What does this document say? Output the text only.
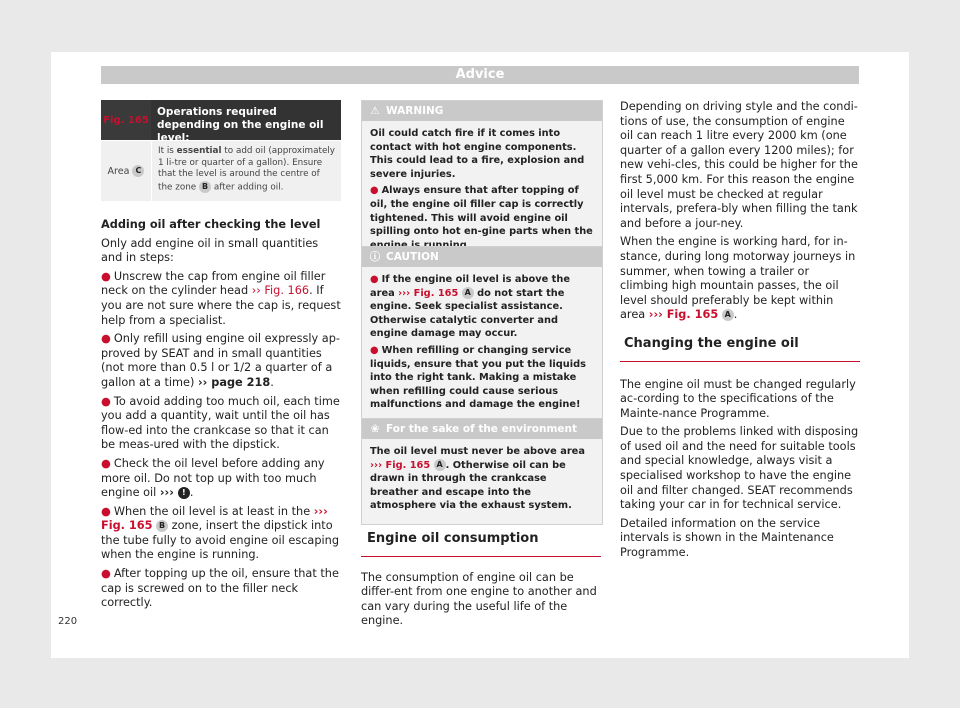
Advice
Fig. 165
Operations required depending on the engine oil level:
Area
C
It is essential to add oil (approximately 1 li-tre or quarter of a gallon). Ensure that the level is around the centre of the zone B after adding oil.

Adding oil after checking the level

Only add engine oil in small quantities and in steps:

● Unscrew the cap from engine oil filler neck on the cylinder head ›› Fig. 166. If you are not sure where the cap is, request help from a specialist.

● Only refill using engine oil expressly ap-proved by SEAT and in small quantities (not more than 0.5 l or 1/2 a quarter of a gallon at a time) ›› page 218.

● To avoid adding too much oil, each time you add a quantity, wait until the oil has flow-ed into the crankcase so that it can be meas-ured with the dipstick.

● Check the oil level before adding any more oil. Do not top up with too much engine oil ››› ! .

● When the oil level is at least in the ››› Fig. 165 B zone, insert the dipstick into the tube fully to avoid engine oil escaping when the engine is running.

● After topping up the oil, ensure that the cap is screwed on to the filler neck correctly.

⚠ WARNING

Oil could catch fire if it comes into contact with hot engine components. This could lead to a fire, explosion and severe injuries.

● Always ensure that after topping of oil, the engine oil filler cap is correctly tightened. This will avoid engine oil spilling onto hot en-gine parts when the

ⓘ CAUTION

● If the engine oil level is above the area ››› Fig. 165 A do not start the engine. Seek specialist assistance. Otherwise catalytic converter and engine damage may occur.

● When refilling or changing service liquids, ensure that you put the liquids into the right tank. Making a mistake when refilling could cause serious malfunctions and damage the engine!

❀ For the sake of the environment

The oil level must never be above area ››› Fig. 165 A . Otherwise oil can be drawn in through the crankcase breather and escape into the atmosphere via the exhaust system.

Engine oil consumption

The consumption of engine oil can be differ-ent from one engine to another and can vary during the useful life of the engine.

Depending on driving style and the condi-tions of use, the consumption of engine oil can reach 1 litre every 2000 km (one quarter of a gallon every 1200 miles); for new vehi-cles, this could be higher for the first 5,000 km. For this reason the engine oil level must be checked at regular intervals, prefera-bly when filling the tank and before a jour-ney.

When the engine is working hard, for in-stance, during long motorway journeys in summer, when towing a trailer or climbing high mountain passes, the oil level should preferably be kept within area ››› Fig. 165 A .

Changing the engine oil

The engine oil must be changed regularly ac-cording to the specifications of the Mainte-nance Programme.

Due to the problems linked with disposing of used oil and the need for suitable tools and special knowledge, always visit a specialised workshop to have the engine oil and filter changed. SEAT recommends taking your car in for technical service.

Detailed information on the service intervals is shown in the Maintenance Programme.

220
